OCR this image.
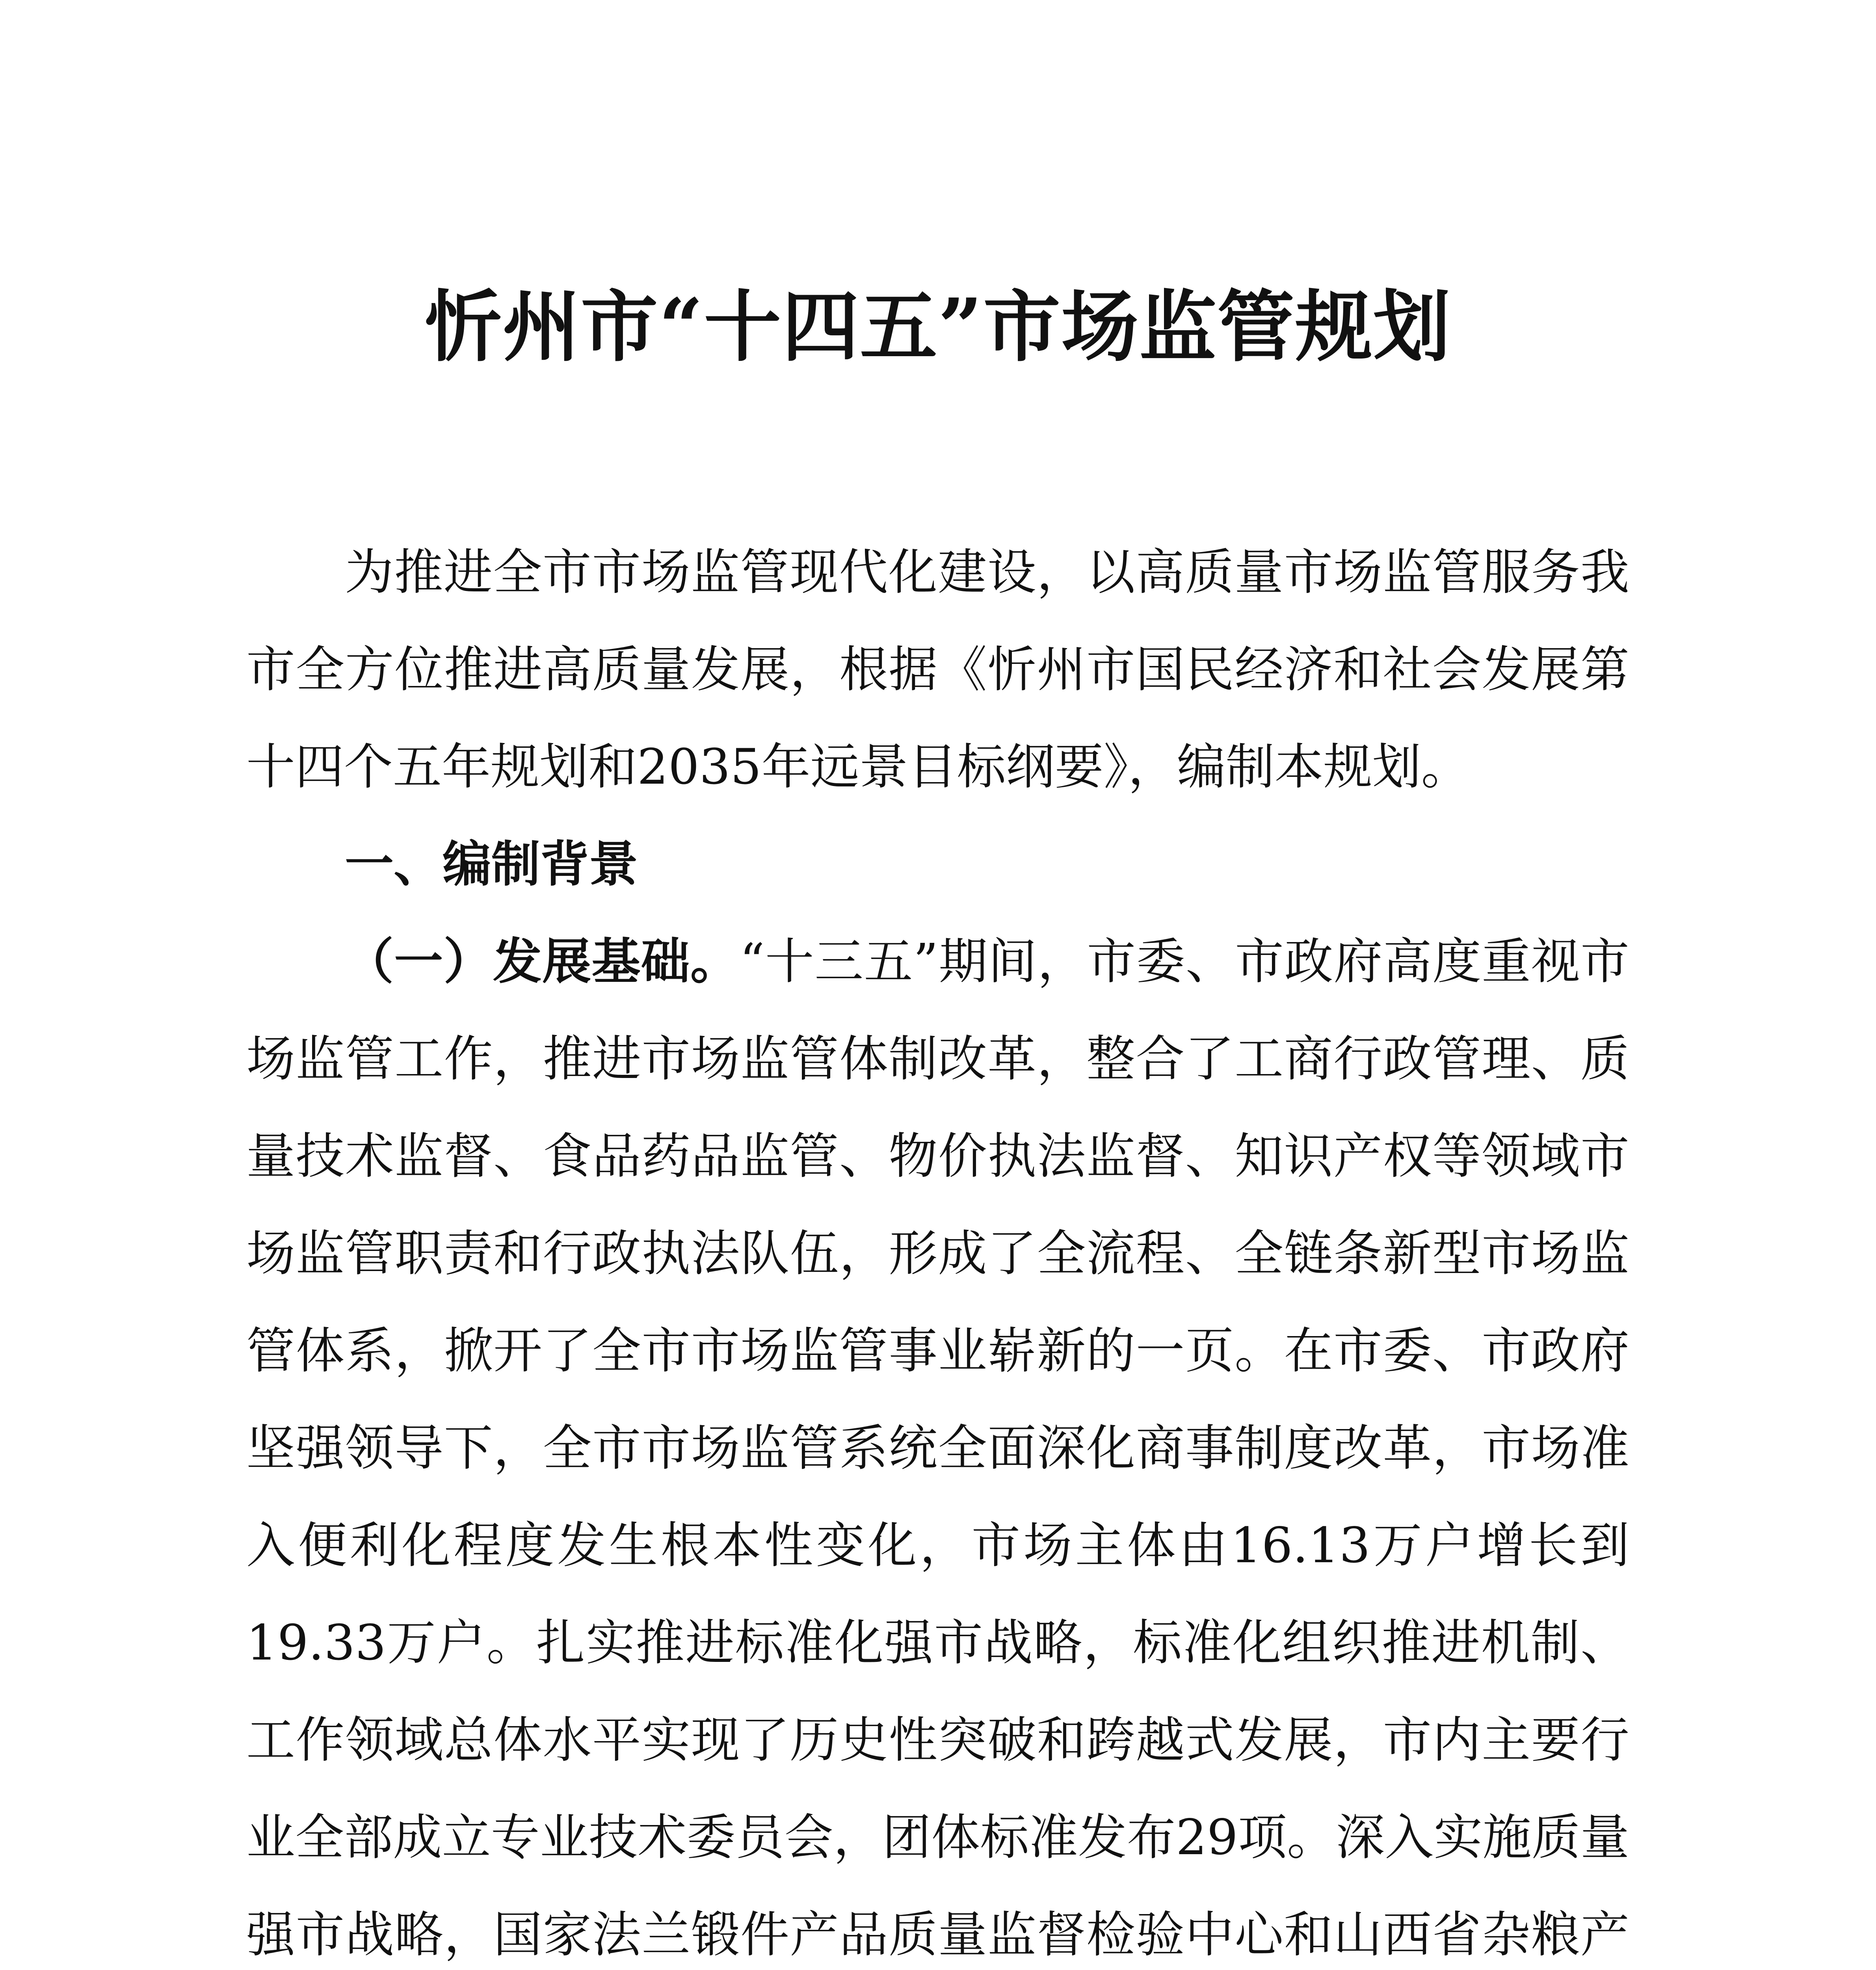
忻州市“十四五”市场监管规划

为推进全市市场监管现代化建设，以高质量市场监管服务我市全方位推进高质量发展，根据《忻州市国民经济和社会发展第十四个五年规划和2035年远景目标纲要》，编制本规划。

一、编制背景

（一）发展基础。“十三五”期间，市委、市政府高度重视市场监管工作，推进市场监管体制改革，整合了工商行政管理、质量技术监督、食品药品监管、物价执法监督、知识产权等领域市场监管职责和行政执法队伍，形成了全流程、全链条新型市场监管体系，掀开了全市市场监管事业崭新的一页。在市委、市政府坚强领导下，全市市场监管系统全面深化商事制度改革，市场准入便利化程度发生根本性变化，市场主体由16.13万户增长到19.33万户。扎实推进标准化强市战略，标准化组织推进机制、工作领域总体水平实现了历史性突破和跨越式发展，市内主要行业全部成立专业技术委员会，团体标准发布29项。深入实施质量强市战略，国家法兰锻件产品质量监督检验中心和山西省杂粮产
